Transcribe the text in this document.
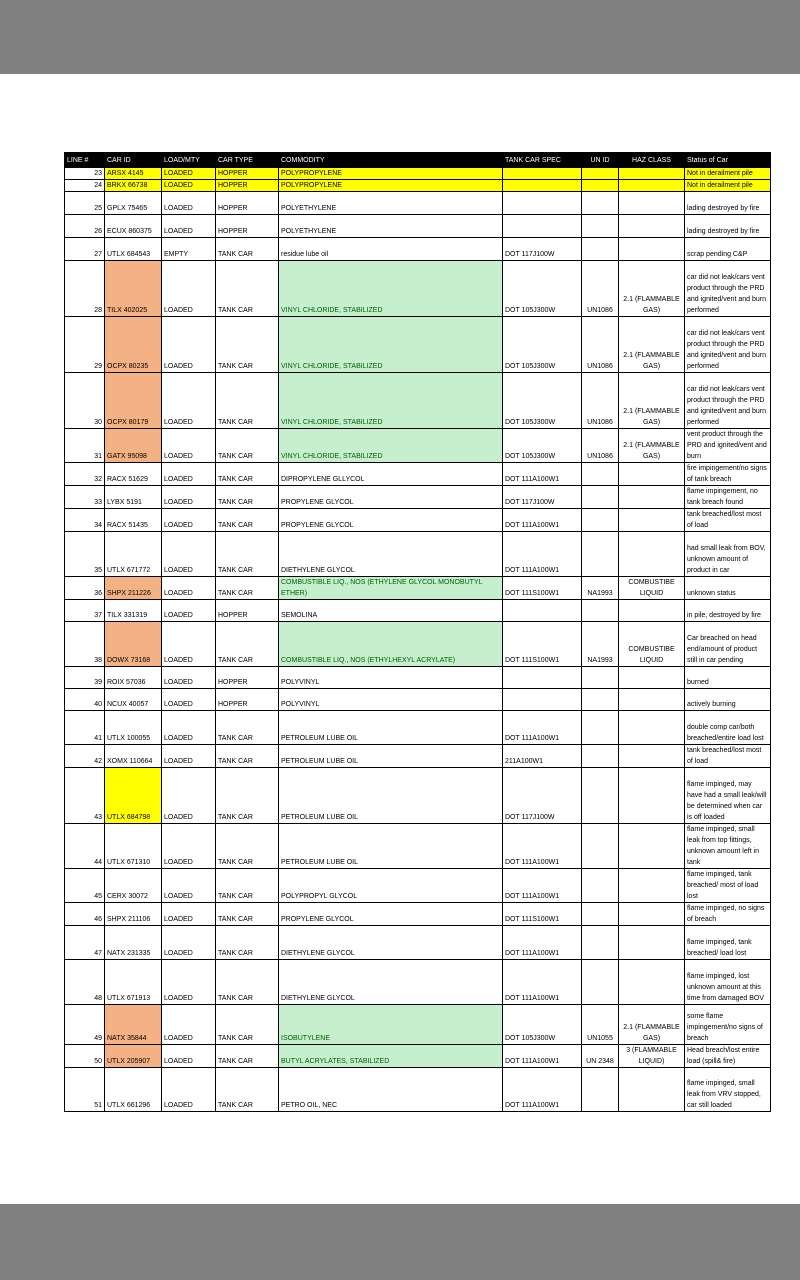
LINE #	CAR ID	LOAD/MTY	CAR TYPE	COMMODITY	TANK CAR SPEC	UN ID	HAZ CLASS	Status of Car
23	ARSX 4145	LOADED	HOPPER	POLYPROPYLENE				Not in derailment pile
24	BRKX 66738	LOADED	HOPPER	POLYPROPYLENE				Not in derailment pile
25	GPLX 75465	LOADED	HOPPER	POLYETHYLENE				lading destroyed by fire
26	ECUX 860375	LOADED	HOPPER	POLYETHYLENE				lading destroyed by fire
27	UTLX 684543	EMPTY	TANK CAR	residue lube oil	DOT 117J100W			scrap pending C&P
28	TILX 402025	LOADED	TANK CAR	VINYL CHLORIDE, STABILIZED	DOT 105J300W	UN1086	2.1 (FLAMMABLE GAS)	car did not leak/cars vent product through the PRD and ignited/vent and burn performed
29	OCPX 80235	LOADED	TANK CAR	VINYL CHLORIDE, STABILIZED	DOT 105J300W	UN1086	2.1 (FLAMMABLE GAS)	car did not leak/cars vent product through the PRD and ignited/vent and burn performed
30	OCPX 80179	LOADED	TANK CAR	VINYL CHLORIDE, STABILIZED	DOT 105J300W	UN1086	2.1 (FLAMMABLE GAS)	car did not leak/cars vent product through the PRD and ignited/vent and burn performed
31	GATX 95098	LOADED	TANK CAR	VINYL CHLORIDE, STABILIZED	DOT 105J300W	UN1086	2.1 (FLAMMABLE GAS)	vent product through the PRD and ignited/vent and burn
32	RACX 51629	LOADED	TANK CAR	DIPROPYLENE GLLYCOL	DOT 111A100W1			fire impingement/no signs of tank breach
33	LYBX 5191	LOADED	TANK CAR	PROPYLENE GLYCOL	DOT 117J100W			flame impingement, no tank breach found
34	RACX 51435	LOADED	TANK CAR	PROPYLENE GLYCOL	DOT 111A100W1			tank breached/lost most of load
35	UTLX 671772	LOADED	TANK CAR	DIETHYLENE GLYCOL	DOT 111A100W1			had small leak from BOV, unknown amount of product in car
36	SHPX 211226	LOADED	TANK CAR	COMBUSTIBLE LIQ., NOS (ETHYLENE GLYCOL MONOBUTYL ETHER)	DOT 111S100W1	NA1993	COMBUSTIBE LIQUID	unknown status
37	TILX 331319	LOADED	HOPPER	SEMOLINA				in pile, destroyed by fire
38	DOWX 73168	LOADED	TANK CAR	COMBUSTIBLE LIQ., NOS (ETHYLHEXYL ACRYLATE)	DOT 111S100W1	NA1993	COMBUSTIBE LIQUID	Car breached on head end/amount of product still in car pending
39	ROIX 57036	LOADED	HOPPER	POLYVINYL				burned
40	NCUX 40057	LOADED	HOPPER	POLYVINYL				actively burning
41	UTLX 100055	LOADED	TANK CAR	PETROLEUM LUBE OIL	DOT 111A100W1			double comp car/both breached/entire load lost
42	XOMX 110664	LOADED	TANK CAR	PETROLEUM LUBE OIL	211A100W1			tank breached/lost most of load
43	UTLX 684798	LOADED	TANK CAR	PETROLEUM LUBE OIL	DOT 117J100W			flame impinged, may have had a small leak/will be determined when car is off loaded
44	UTLX 671310	LOADED	TANK CAR	PETROLEUM LUBE OIL	DOT 111A100W1			flame impinged, small leak from top fittings, unknown amount left in tank
45	CERX 30072	LOADED	TANK CAR	POLYPROPYL GLYCOL	DOT 111A100W1			flame impinged, tank breached/ most of load lost
46	SHPX 211106	LOADED	TANK CAR	PROPYLENE GLYCOL	DOT 111S100W1			flame impinged, no signs of breach
47	NATX 231335	LOADED	TANK CAR	DIETHYLENE GLYCOL	DOT 111A100W1			flame impinged, tank breached/ load lost
48	UTLX 671913	LOADED	TANK CAR	DIETHYLENE GLYCOL	DOT 111A100W1			flame impinged, lost unknown amount at this time from damaged BOV
49	NATX 35844	LOADED	TANK CAR	ISOBUTYLENE	DOT 105J300W	UN1055	2.1 (FLAMMABLE GAS)	some flame impingement/no signs of breach
50	UTLX 205907	LOADED	TANK CAR	BUTYL ACRYLATES, STABILIZED	DOT 111A100W1	UN 2348	3 (FLAMMABLE LIQUID)	Head breach/lost entire load (spill& fire)
51	UTLX 661296	LOADED	TANK CAR	PETRO OIL, NEC	DOT 111A100W1			flame impinged, small leak from VRV stopped, car still loaded
